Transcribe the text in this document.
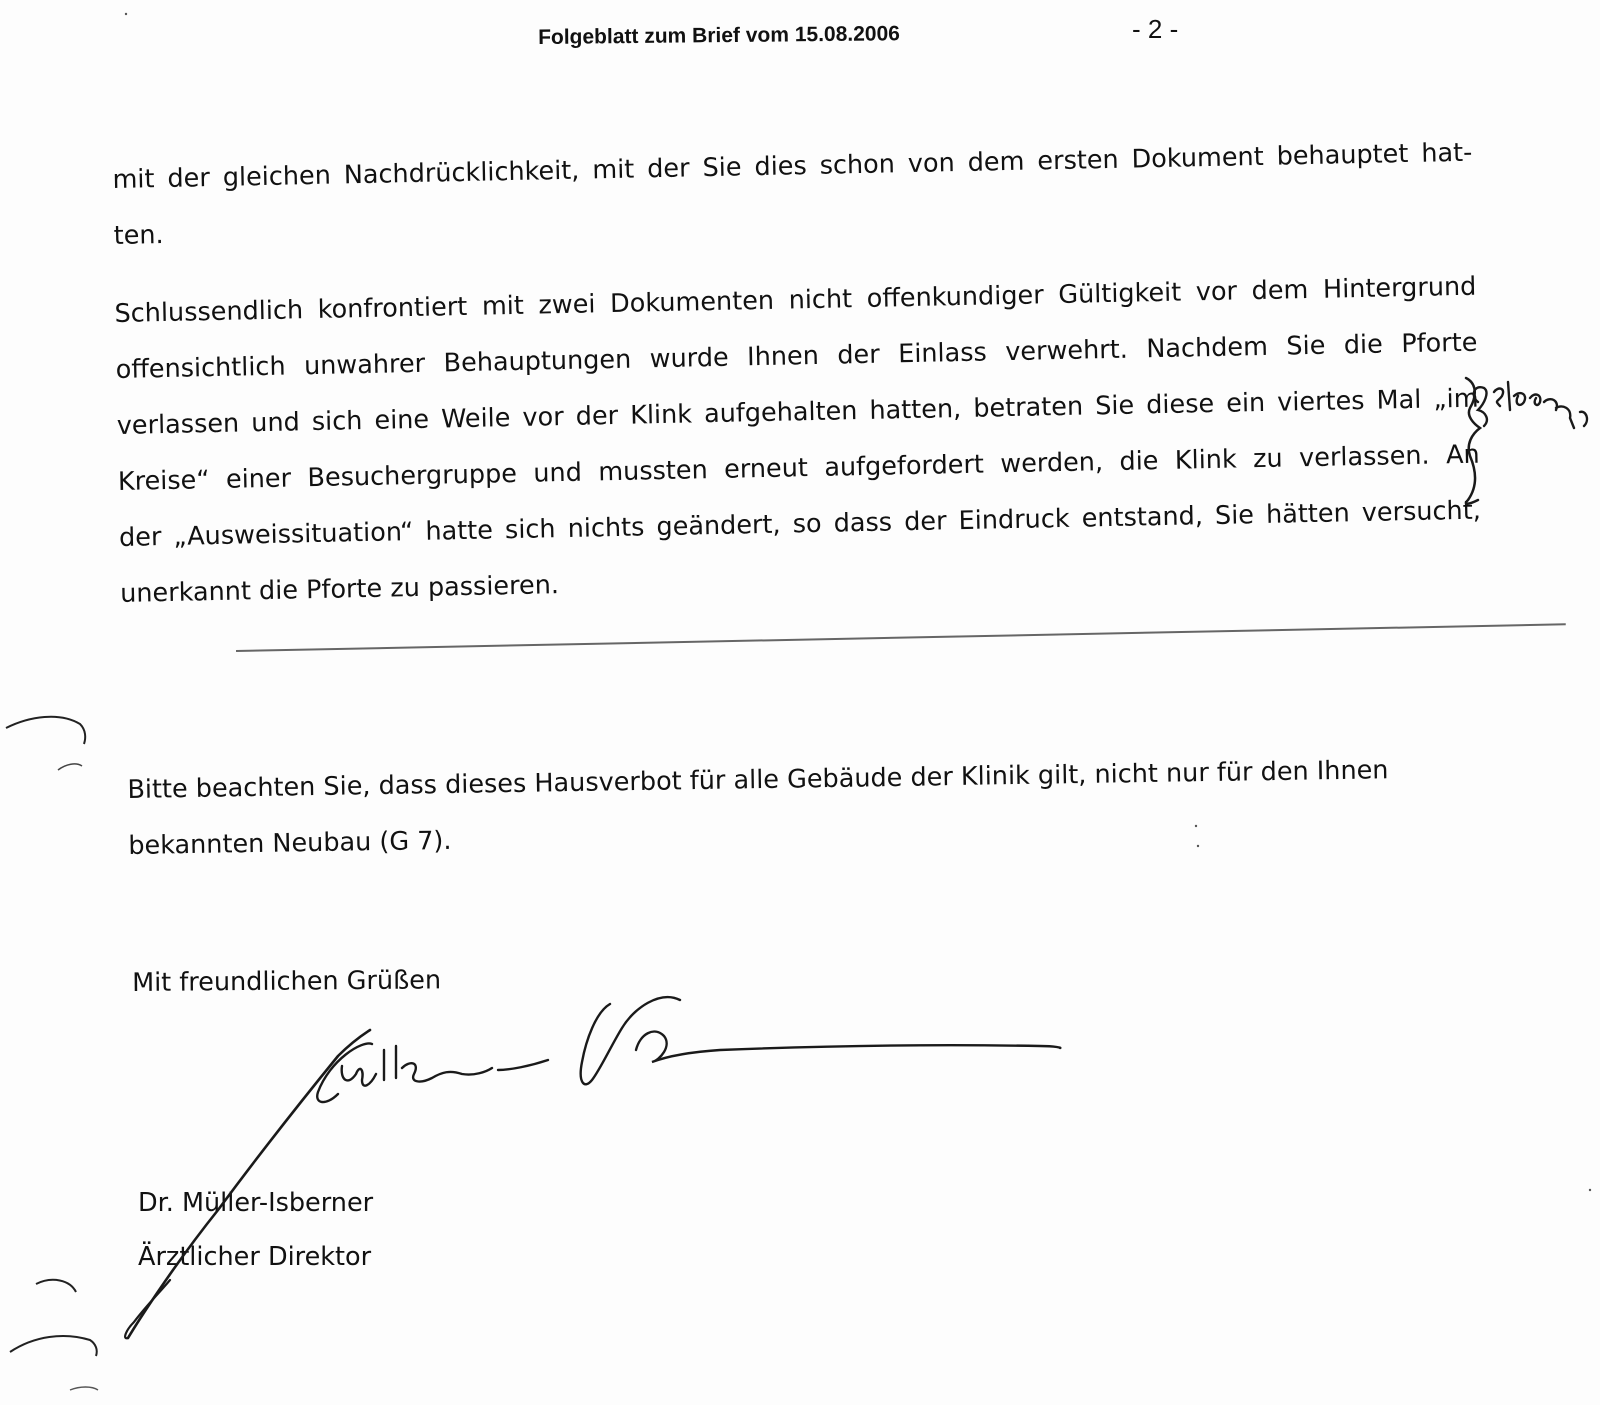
Folgeblatt zum Brief vom 15.08.2006	- 2 -
mit der gleichen Nachdrücklichkeit, mit der Sie dies schon von dem ersten Dokument behauptet hat-
ten.
Schlussendlich konfrontiert mit zwei Dokumenten nicht offenkundiger Gültigkeit vor dem Hintergrund
offensichtlich unwahrer Behauptungen wurde Ihnen der Einlass verwehrt. Nachdem Sie die Pforte
verlassen und sich eine Weile vor der Klink aufgehalten hatten, betraten Sie diese ein viertes Mal „im
Kreise“ einer Besuchergruppe und mussten erneut aufgefordert werden, die Klink zu verlassen. An
der „Ausweissituation“ hatte sich nichts geändert, so dass der Eindruck entstand, Sie hätten versucht,
unerkannt die Pforte zu passieren.
Bitte beachten Sie, dass dieses Hausverbot für alle Gebäude der Klinik gilt, nicht nur für den Ihnen
bekannten Neubau (G 7).
Mit freundlichen Grüßen
Dr. Müller-Isberner
Ärztlicher Direktor
